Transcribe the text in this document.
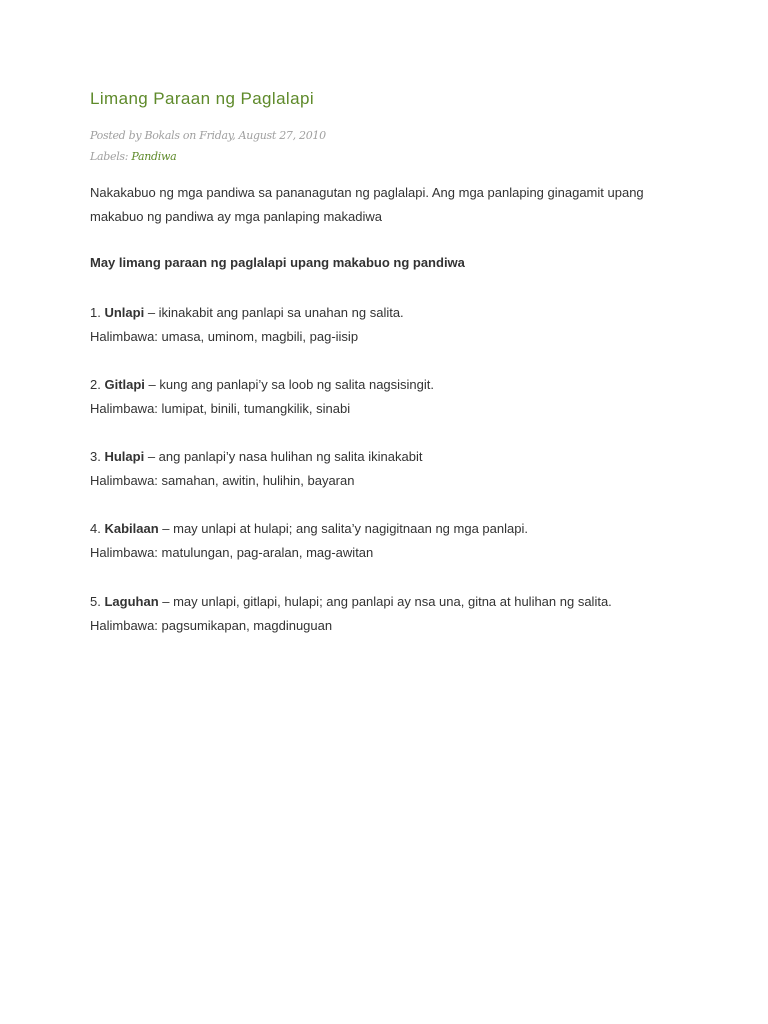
Limang Paraan ng Paglalapi
Posted by Bokals on Friday, August 27, 2010
Labels: Pandiwa

Nakakabuo ng mga pandiwa sa pananagutan ng paglalapi. Ang mga panlaping ginagamit upang makabuo ng pandiwa ay mga panlaping makadiwa

May limang paraan ng paglalapi upang makabuo ng pandiwa

1. Unlapi – ikinakabit ang panlapi sa unahan ng salita.
Halimbawa: umasa, uminom, magbili, pag-iisip
2. Gitlapi – kung ang panlapi’y sa loob ng salita nagsisingit.
Halimbawa: lumipat, binili, tumangkilik, sinabi
3. Hulapi – ang panlapi’y nasa hulihan ng salita ikinakabit
Halimbawa: samahan, awitin, hulihin, bayaran
4. Kabilaan – may unlapi at hulapi; ang salita’y nagigitnaan ng mga panlapi.
Halimbawa: matulungan, pag-aralan, mag-awitan
5. Laguhan – may unlapi, gitlapi, hulapi; ang panlapi ay nsa una, gitna at hulihan ng salita.
Halimbawa: pagsumikapan, magdinuguan
